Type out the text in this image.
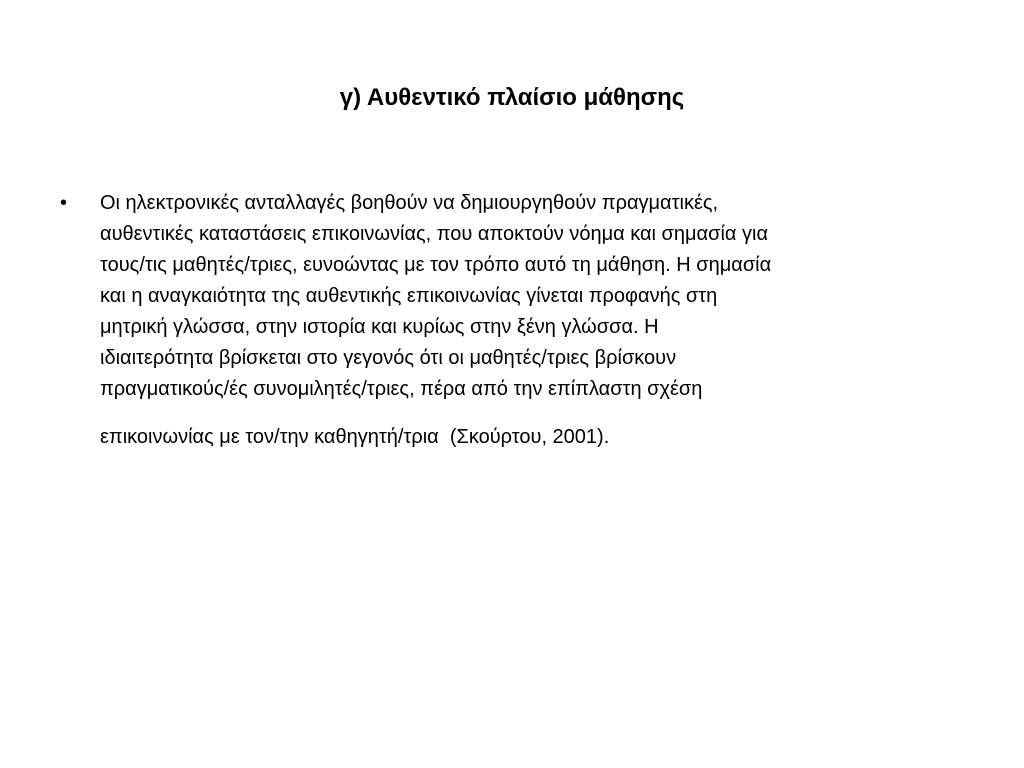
γ) Αυθεντικό πλαίσιο μάθησης
•	Οι ηλεκτρονικές ανταλλαγές βοηθούν να δημιουργηθούν πραγματικές,
αυθεντικές καταστάσεις επικοινωνίας, που αποκτούν νόημα και σημασία για
τους/τις μαθητές/τριες, ευνοώντας με τον τρόπο αυτό τη μάθηση. Η σημασία
και η αναγκαιότητα της αυθεντικής επικοινωνίας γίνεται προφανής στη
μητρική γλώσσα, στην ιστορία και κυρίως στην ξένη γλώσσα. Η
ιδιαιτερότητα βρίσκεται στο γεγονός ότι οι μαθητές/τριες βρίσκουν
πραγματικούς/ές συνομιλητές/τριες, πέρα από την επίπλαστη σχέση
επικοινωνίας με τον/την καθηγητή/τρια  (Σκούρτου, 2001).
